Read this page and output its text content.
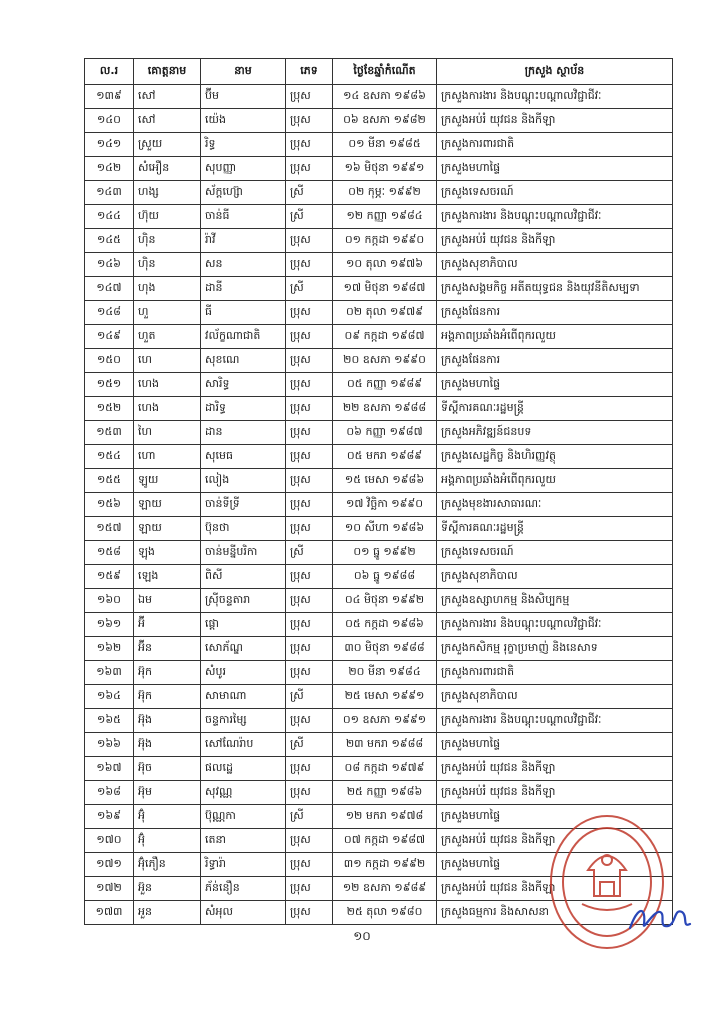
ល.រ	គោត្តនាម	នាម	ភេទ	ថ្ងៃខែឆ្នាំកំណើត	ក្រសួង ស្ថាប័ន
១៣៩	សៅ	ប៊ីម	ប្រុស	១៤ ឧសភា ១៩៨៦	ក្រសួងការងារ និងបណ្តុះបណ្តាលវិជ្ជាជីវៈ
១៤០	សៅ	យ៉េង	ប្រុស	០៦ ឧសភា ១៩៨២	ក្រសួងអប់រំ យុវជន និងកីឡា
១៤១	ស្រួយ	រិទ្ធ	ប្រុស	០១ មីនា ១៩៨៥	ក្រសួងការពារជាតិ
១៤២	សំអឿន	សុបញ្ញា	ប្រុស	១៦ មិថុនា ១៩៩១	ក្រសួងមហាផ្ទៃ
១៤៣	ហង្ស	ស័ក្ដហ្ស៊ោ	ស្រី	០២ កុម្ភៈ ១៩៩២	ក្រសួងទេសចរណ៍
១៤៤	ហ៊ុយ	ចាន់ធី	ស្រី	១២ កញ្ញា ១៩៨៤	ក្រសួងការងារ និងបណ្តុះបណ្តាលវិជ្ជាជីវៈ
១៤៥	ហ៊ិន	រ៉ាវី	ប្រុស	០១ កក្កដា ១៩៩០	ក្រសួងអប់រំ យុវជន និងកីឡា
១៤៦	ហ៊ិន	សន	ប្រុស	១០ តុលា ១៩៧៦	ក្រសួងសុខាភិបាល
១៤៧	ហុង	ដានី	ស្រី	១៧ មិថុនា ១៩៨៧	ក្រសួងសង្គមកិច្ច អតីតយុទ្ធជន និងយុវនីតិសម្បទា
១៤៨	ហួ	ធី	ប្រុស	០២ តុលា ១៩៧៩	ក្រសួងផែនការ
១៤៩	ហួត	វល័ក្ខណាជាតិ	ប្រុស	០៩ កក្កដា ១៩៨៧	អង្គភាពប្រឆាំងអំពើពុករលួយ
១៥០	ហេ	សុខណេ	ប្រុស	២០ ឧសភា ១៩៩០	ក្រសួងផែនការ
១៥១	ហេង	សារិទ្ធ	ប្រុស	០៥ កញ្ញា ១៩៨៩	ក្រសួងមហាផ្ទៃ
១៥២	ហេង	ដារិទ្ធ	ប្រុស	២២ ឧសភា ១៩៨៨	ទីស្តីការគណៈរដ្ឋមន្ត្រី
១៥៣	ហៃ	ដាន	ប្រុស	០៦ កញ្ញា ១៩៨៧	ក្រសួងអភិវឌ្ឍន៍ជនបទ
១៥៤	ហោ	សុមេធ	ប្រុស	០៥ មករា ១៩៨៩	ក្រសួងសេដ្ឋកិច្ច និងហិរញ្ញវត្ថុ
១៥៥	ឡូយ	លៀង	ប្រុស	១៥ មេសា ១៩៨៦	អង្គភាពប្រឆាំងអំពើពុករលួយ
១៥៦	ឡាយ	ចាន់ទីទ្រី	ប្រុស	១៧ វិច្ឆិកា ១៩៩០	ក្រសួងមុខងារសាធារណៈ
១៥៧	ឡាយ	ប៊ុនថា	ប្រុស	១០ សីហា ១៩៨៦	ទីស្តីការគណៈរដ្ឋមន្ត្រី
១៥៨	ឡុង	ចាន់មន្នីបរិកា	ស្រី	០១ ធ្នូ ១៩៩២	ក្រសួងទេសចរណ៍
១៥៩	ឡេង	ពិសី	ប្រុស	០៦ ធ្នូ ១៩៨៨	ក្រសួងសុខាភិបាល
១៦០	ឯម	ស៊្រីចន្ទតារា	ប្រុស	០៤ មិថុនា ១៩៩២	ក្រសួងឧស្សាហកម្ម និងសិប្បកម្ម
១៦១	អ៊ី	ផ្ដោ	ប្រុស	០៥ កក្កដា ១៩៨៦	ក្រសួងការងារ និងបណ្តុះបណ្តាលវិជ្ជាជីវៈ
១៦២	អ៊ីន	សោភ័ណ្ឌ	ប្រុស	៣០ មិថុនា ១៩៨៨	ក្រសួងកសិកម្ម រុក្ខាប្រមាញ់ និងនេសាទ
១៦៣	អ៊ុក	សំបូរ	ប្រុស	២០ មីនា ១៩៨៤	ក្រសួងការពារជាតិ
១៦៤	អ៊ុក	សាមាណា	ស្រី	២៥ មេសា ១៩៩១	ក្រសួងសុខាភិបាល
១៦៥	អ៊ុង	ចន្ទការម្សៃ	ប្រុស	០១ ឧសភា ១៩៩១	ក្រសួងការងារ និងបណ្តុះបណ្តាលវិជ្ជាជីវៈ
១៦៦	អ៊ុង	សៅណែរ៉ាប	ស្រី	២៣ មករា ១៩៨៨	ក្រសួងមហាផ្ទៃ
១៦៧	អ៊ុច	ផលដ្ឋេ	ប្រុស	០៨ កក្កដា ១៩៧៩	ក្រសួងអប់រំ យុវជន និងកីឡា
១៦៨	អ៊ុម	សុវណ្ណ	ប្រុស	២៥ កញ្ញា ១៩៨៦	ក្រសួងអប់រំ យុវជន និងកីឡា
១៦៩	អ៊ុំ	ប៊ុណ្ណកា	ស្រី	១២ មករា ១៩៧៨	ក្រសួងមហាផ្ទៃ
១៧០	អ៊ុំ	តេនា	ប្រុស	០៧ កក្កដា ១៩៨៧	ក្រសួងអប់រំ យុវជន និងកីឡា
១៧១	អ៊ុំភឿន	រិទ្ធារ៉ា	ប្រុស	៣១ កក្កដា ១៩៩២	ក្រសួងមហាផ្ទៃ
១៧២	អ៊ួន	ភ័ន់នឿន	ប្រុស	១២ ឧសភា ១៩៨៩	ក្រសួងអប់រំ យុវជន និងកីឡា
១៧៣	អួន	សំអុល	ប្រុស	២៥ តុលា ១៩៨០	ក្រសួងធម្មការ និងសាសនា
១០
